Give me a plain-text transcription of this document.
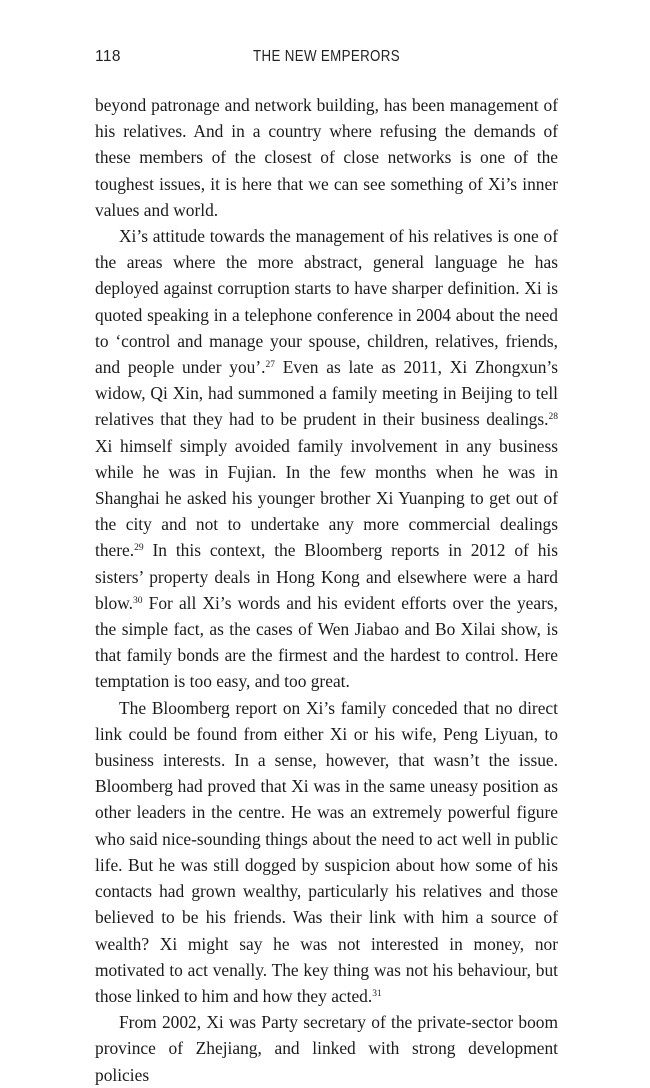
118	THE NEW EMPERORS

beyond patronage and network building, has been management of his relatives. And in a country where refusing the demands of these members of the closest of close networks is one of the toughest issues, it is here that we can see something of Xi’s inner values and world.

Xi’s attitude towards the management of his relatives is one of the areas where the more abstract, general language he has deployed against corruption starts to have sharper definition. Xi is quoted speaking in a telephone conference in 2004 about the need to ‘control and manage your spouse, children, relatives, friends, and people under you’.$^{27}$ Even as late as 2011, Xi Zhongxun’s widow, Qi Xin, had summoned a family meeting in Beijing to tell relatives that they had to be prudent in their business dealings.$^{28}$ Xi himself simply avoided family involvement in any business while he was in Fujian. In the few months when he was in Shanghai he asked his younger brother Xi Yuanping to get out of the city and not to undertake any more commercial dealings there.$^{29}$ In this context, the Bloomberg reports in 2012 of his sisters’ property deals in Hong Kong and elsewhere were a hard blow.$^{30}$ For all Xi’s words and his evident efforts over the years, the simple fact, as the cases of Wen Jiabao and Bo Xilai show, is that family bonds are the firmest and the hardest to control. Here temptation is too easy, and too great.

The Bloomberg report on Xi’s family conceded that no direct link could be found from either Xi or his wife, Peng Liyuan, to business interests. In a sense, however, that wasn’t the issue. Bloomberg had proved that Xi was in the same uneasy position as other leaders in the centre. He was an extremely powerful figure who said nice-sounding things about the need to act well in public life. But he was still dogged by suspicion about how some of his contacts had grown wealthy, particularly his relatives and those believed to be his friends. Was their link with him a source of wealth? Xi might say he was not interested in money, nor motivated to act venally. The key thing was not his behaviour, but those linked to him and how they acted.$^{31}$

From 2002, Xi was Party secretary of the private-sector boom province of Zhejiang, and linked with strong development policies
